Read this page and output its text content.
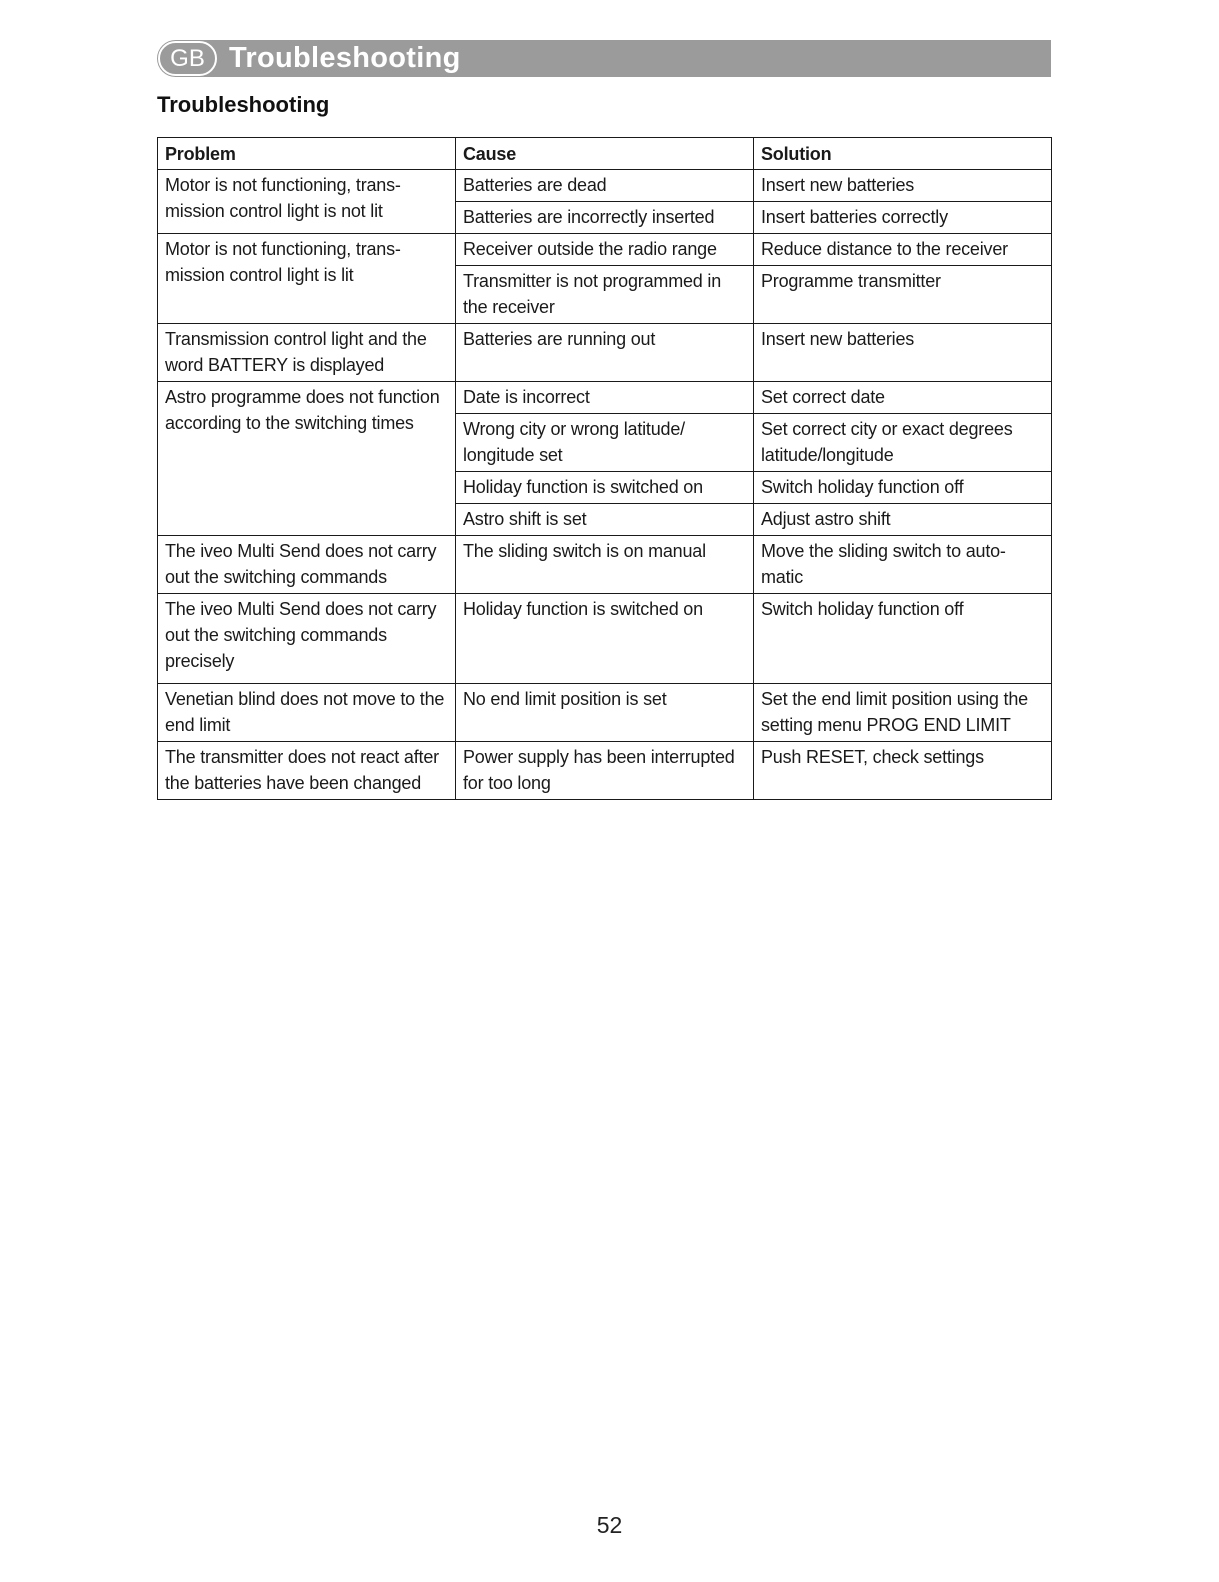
GB Troubleshooting
Troubleshooting
Problem	Cause	Solution
Motor is not functioning, trans- mission control light is not lit	Batteries are dead	Insert new batteries
	Batteries are incorrectly inserted	Insert batteries correctly
Motor is not functioning, trans- mission control light is lit	Receiver outside the radio range	Reduce distance to the receiver
	Transmitter is not programmed in the receiver	Programme transmitter
Transmission control light and the word BATTERY is displayed	Batteries are running out	Insert new batteries
Astro programme does not function according to the switching times	Date is incorrect	Set correct date
	Wrong city or wrong latitude/ longitude set	Set correct city or exact degrees latitude/longitude
	Holiday function is switched on	Switch holiday function off
	Astro shift is set	Adjust astro shift
The iveo Multi Send does not carry out the switching commands	The sliding switch is on manual	Move the sliding switch to auto- matic
The iveo Multi Send does not carry out the switching commands precisely	Holiday function is switched on	Switch holiday function off
Venetian blind does not move to the end limit	No end limit position is set	Set the end limit position using the setting menu PROG END LIMIT
The transmitter does not react after the batteries have been changed	Power supply has been interrupted for too long	Push RESET, check settings
52
